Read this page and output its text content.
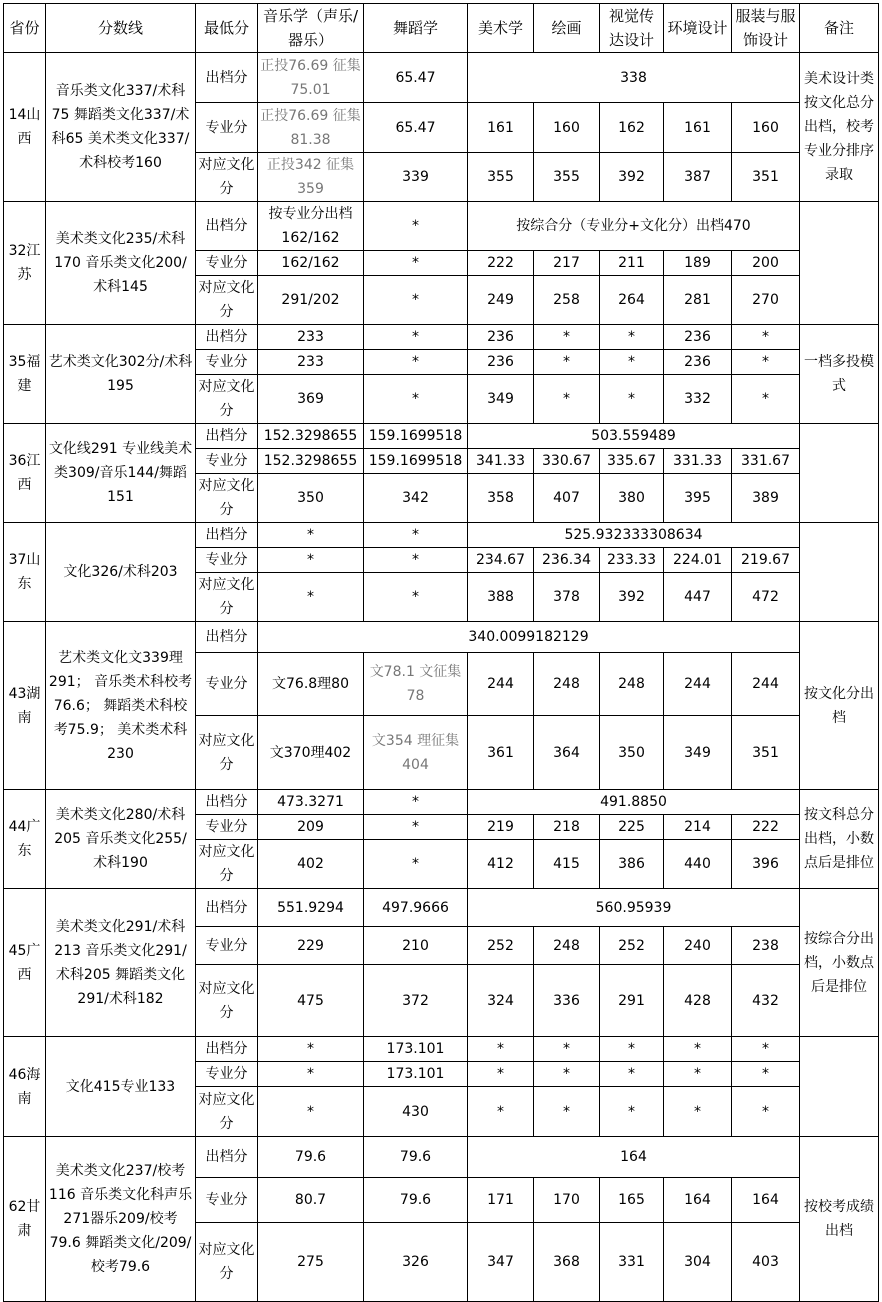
省份	分数线	最低分	音乐学（声乐/器乐）	舞蹈学	美术学	绘画	视觉传达设计	环境设计	服装与服饰设计	备注
14山西	音乐类文化337/术科75 舞蹈类文化337/术科65 美术类文化337/术科校考160	出档分	正投76.69 征集75.01	65.47	338					美术设计类按文化总分出档，校考专业分排序录取
		专业分	正投76.69 征集81.38	65.47	161	160	162	161	160	
		对应文化分	正投342 征集359	339	355	355	392	387	351	
32江苏	美术类文化235/术科170 音乐类文化200/术科145	出档分	按专业分出档162/162	*	按综合分（专业分+文化分）出档470					
		专业分	162/162	*	222	217	211	189	200	
		对应文化分	291/202	*	249	258	264	281	270	
35福建	艺术类文化302分/术科195	出档分	233	*	236	*	*	236	*	一档多投模式
		专业分	233	*	236	*	*	236	*	
		对应文化分	369	*	349	*	*	332	*	
36江西	文化线291 专业线美术类309/音乐144/舞蹈151	出档分	152.3298655	159.1699518	503.559489					
		专业分	152.3298655	159.1699518	341.33	330.67	335.67	331.33	331.67	
		对应文化分	350	342	358	407	380	395	389	
37山东	文化326/术科203	出档分	*	*	525.932333308634					
		专业分	*	*	234.67	236.34	233.33	224.01	219.67	
		对应文化分	*	*	388	378	392	447	472	
43湖南	艺术类文化文339理291； 音乐类术科校考76.6； 舞蹈类术科校考75.9； 美术类术科230	出档分	340.0099182129							按文化分出档
		专业分	文76.8理80	文78.1 文征集78	244	248	248	244	244	
		对应文化分	文370理402	文354 理征集404	361	364	350	349	351	
44广东	美术类文化280/术科205 音乐类文化255/术科190	出档分	473.3271	*	491.8850					按文科总分出档，小数点后是排位
		专业分	209	*	219	218	225	214	222	
		对应文化分	402	*	412	415	386	440	396	
45广西	美术类文化291/术科213 音乐类文化291/术科205 舞蹈类文化291/术科182	出档分	551.9294	497.9666	560.95939					按综合分出档，小数点后是排位
		专业分	229	210	252	248	252	240	238	
		对应文化分	475	372	324	336	291	428	432	
46海南	文化415专业133	出档分	*	173.101	*	*	*	*	*	
		专业分	*	173.101	*	*	*	*	*	
		对应文化分	*	430	*	*	*	*	*	
62甘肃	美术类文化237/校考116 音乐类文化科声乐271器乐209/校考79.6 舞蹈类文化/209/校考79.6	出档分	79.6	79.6	164					按校考成绩出档
		专业分	80.7	79.6	171	170	165	164	164	
		对应文化分	275	326	347	368	331	304	403	
